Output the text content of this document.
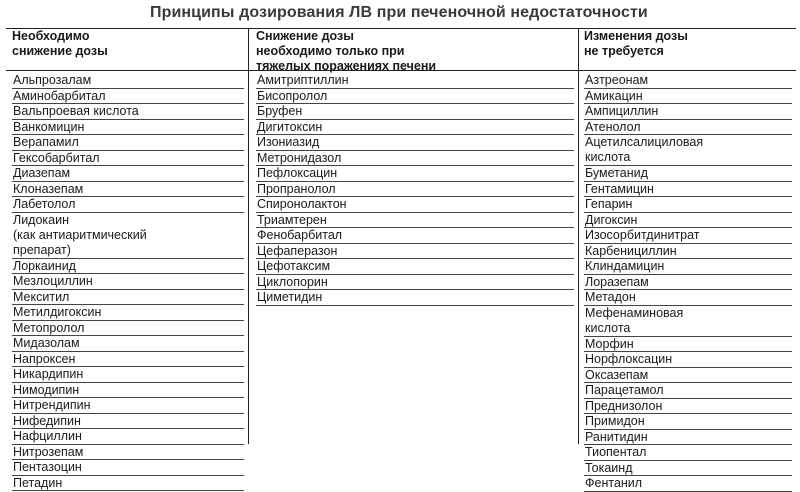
Принципы дозирования ЛВ при печеночной недостаточности
Необходимо
снижение дозы
Снижение дозы
необходимо только при
тяжелых поражениях печени
Изменения дозы
не требуется
Альпрозалам
Аминобарбитал
Вальпроевая кислота
Ванкомицин
Верапамил
Гексобарбитал
Диазепам
Клоназепам
Лабетолол
Лидокаин
(как антиаритмический
препарат)
Лоркаинид
Мезлоциллин
Мекситил
Метилдигоксин
Метопролол
Мидазолам
Напроксен
Никардипин
Нимодипин
Нитрендипин
Нифедипин
Нафциллин
Нитрозепам
Пентазоцин
Петадин
Амитриптиллин
Бисопролол
Бруфен
Дигитоксин
Изониазид
Метронидазол
Пефлоксацин
Пропранолол
Спиронолактон
Триамтерен
Фенобарбитал
Цефаперазон
Цефотаксим
Циклопорин
Циметидин
Азтреонам
Амикацин
Ампициллин
Атенолол
Ацетилсалициловая
кислота
Буметанид
Гентамицин
Гепарин
Дигоксин
Изосорбитдинитрат
Карбенициллин
Клиндамицин
Лоразепам
Метадон
Мефенаминовая
кислота
Морфин
Норфлоксацин
Оксазепам
Парацетамол
Преднизолон
Примидон
Ранитидин
Тиопентал
Токаинд
Фентанил
